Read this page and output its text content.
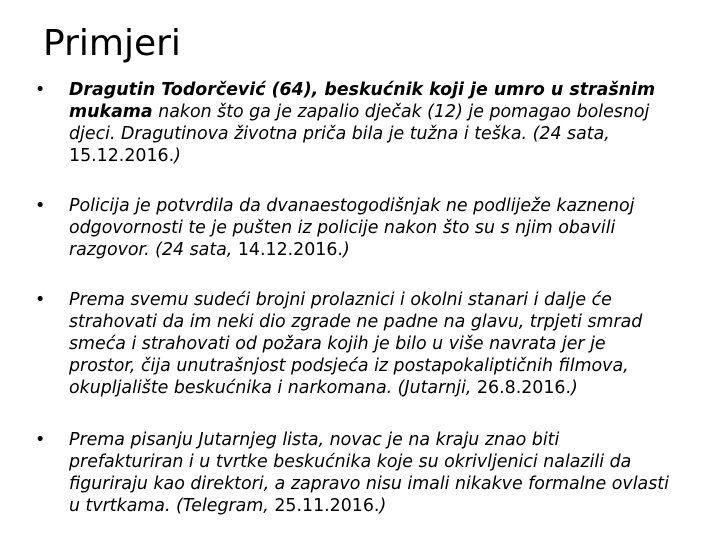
Primjeri

• Dragutin Todorčević (64), beskućnik koji je umro u strašnim mukama nakon što ga je zapalio dječak (12) je pomagao bolesnoj djeci. Dragutinova životna priča bila je tužna i teška. (24 sata, 15.12.2016.)

• Policija je potvrdila da dvanaestogodišnjak ne podliježe kaznenoj odgovornosti te je pušten iz policije nakon što su s njim obavili razgovor. (24 sata, 14.12.2016.)

• Prema svemu sudeći brojni prolaznici i okolni stanari i dalje će strahovati da im neki dio zgrade ne padne na glavu, trpjeti smrad smeća i strahovati od požara kojih je bilo u više navrata jer je prostor, čija unutrašnjost podsjeća iz postapokaliptičnih filmova, okupljalište beskućnika i narkomana. (Jutarnji, 26.8.2016.)

• Prema pisanju Jutarnjeg lista, novac je na kraju znao biti prefakturiran i u tvrtke beskućnika koje su okrivljenici nalazili da figuriraju kao direktori, a zapravo nisu imali nikakve formalne ovlasti u tvrtkama. (Telegram, 25.11.2016.)
